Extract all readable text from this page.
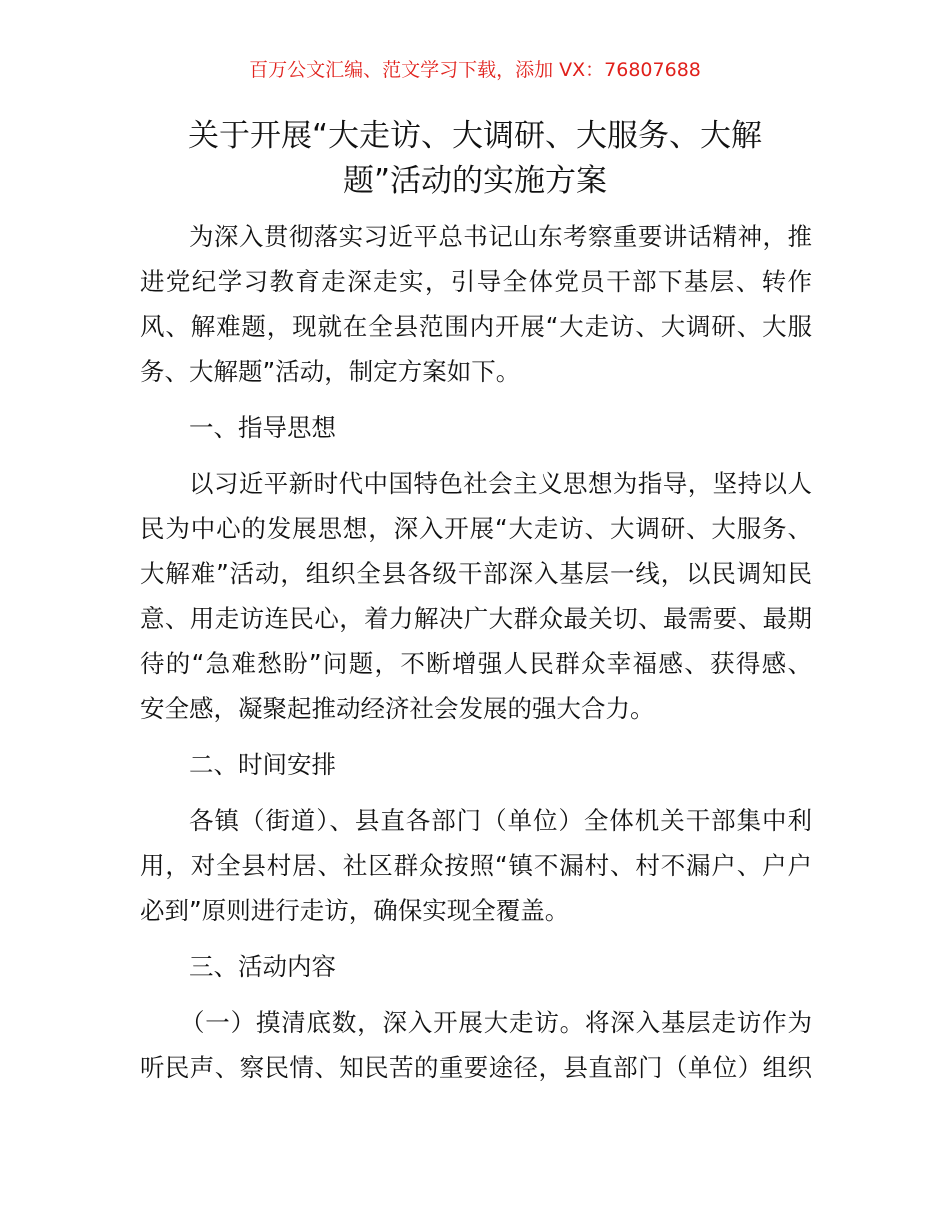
百万公文汇编、范文学习下载，添加 VX：76807688
关于开展“大走访、大调研、大服务、大解
题”活动的实施方案
为深入贯彻落实习近平总书记山东考察重要讲话精神，推
进党纪学习教育走深走实，引导全体党员干部下基层、转作
风、解难题，现就在全县范围内开展“大走访、大调研、大服
务、大解题”活动，制定方案如下。
一、指导思想
以习近平新时代中国特色社会主义思想为指导，坚持以人
民为中心的发展思想，深入开展“大走访、大调研、大服务、
大解难”活动，组织全县各级干部深入基层一线，以民调知民
意、用走访连民心，着力解决广大群众最关切、最需要、最期
待的“急难愁盼”问题，不断增强人民群众幸福感、获得感、
安全感，凝聚起推动经济社会发展的强大合力。
二、时间安排
各镇（街道）、县直各部门（单位）全体机关干部集中利
用，对全县村居、社区群众按照“镇不漏村、村不漏户、户户
必到”原则进行走访，确保实现全覆盖。
三、活动内容
（一）摸清底数，深入开展大走访。将深入基层走访作为
听民声、察民情、知民苦的重要途径，县直部门（单位）组织
